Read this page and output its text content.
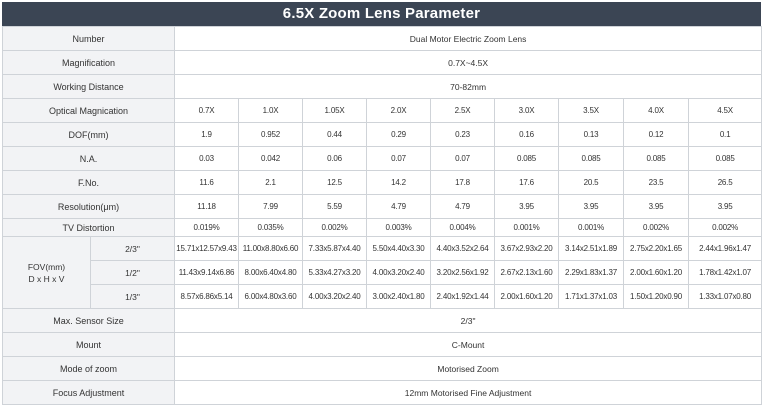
6.5X Zoom Lens Parameter
Number		Dual Motor Electric Zoom Lens								
Magnification		0.7X~4.5X								
Working Distance		70-82mm								
Optical Magnication		0.7X	1.0X	1.05X	2.0X	2.5X	3.0X	3.5X	4.0X	4.5X
DOF(mm)		1.9	0.952	0.44	0.29	0.23	0.16	0.13	0.12	0.1
N.A.		0.03	0.042	0.06	0.07	0.07	0.085	0.085	0.085	0.085
F.No.		11.6	2.1	12.5	14.2	17.8	17.6	20.5	23.5	26.5
Resolution(μm)		11.18	7.99	5.59	4.79	4.79	3.95	3.95	3.95	3.95
TV Distortion		0.019%	0.035%	0.002%	0.003%	0.004%	0.001%	0.001%	0.002%	0.002%

FOV(mm)
D x H x V	2/3"	15.71x12.57x9.43	11.00x8.80x6.60	7.33x5.87x4.40	5.50x4.40x3.30	4.40x3.52x2.64	3.67x2.93x2.20	3.14x2.51x1.89	2.75x2.20x1.65	2.44x1.96x1.47
	1/2"	11.43x9.14x6.86	8.00x6.40x4.80	5.33x4.27x3.20	4.00x3.20x2.40	3.20x2.56x1.92	2.67x2.13x1.60	2.29x1.83x1.37	2.00x1.60x1.20	1.78x1.42x1.07
	1/3"	8.57x6.86x5.14	6.00x4.80x3.60	4.00x3.20x2.40	3.00x2.40x1.80	2.40x1.92x1.44	2.00x1.60x1.20	1.71x1.37x1.03	1.50x1.20x0.90	1.33x1.07x0.80
Max. Sensor Size		2/3"								
Mount		C-Mount								
Mode of zoom		Motorised Zoom								
Focus Adjustment		12mm Motorised Fine Adjustment								
